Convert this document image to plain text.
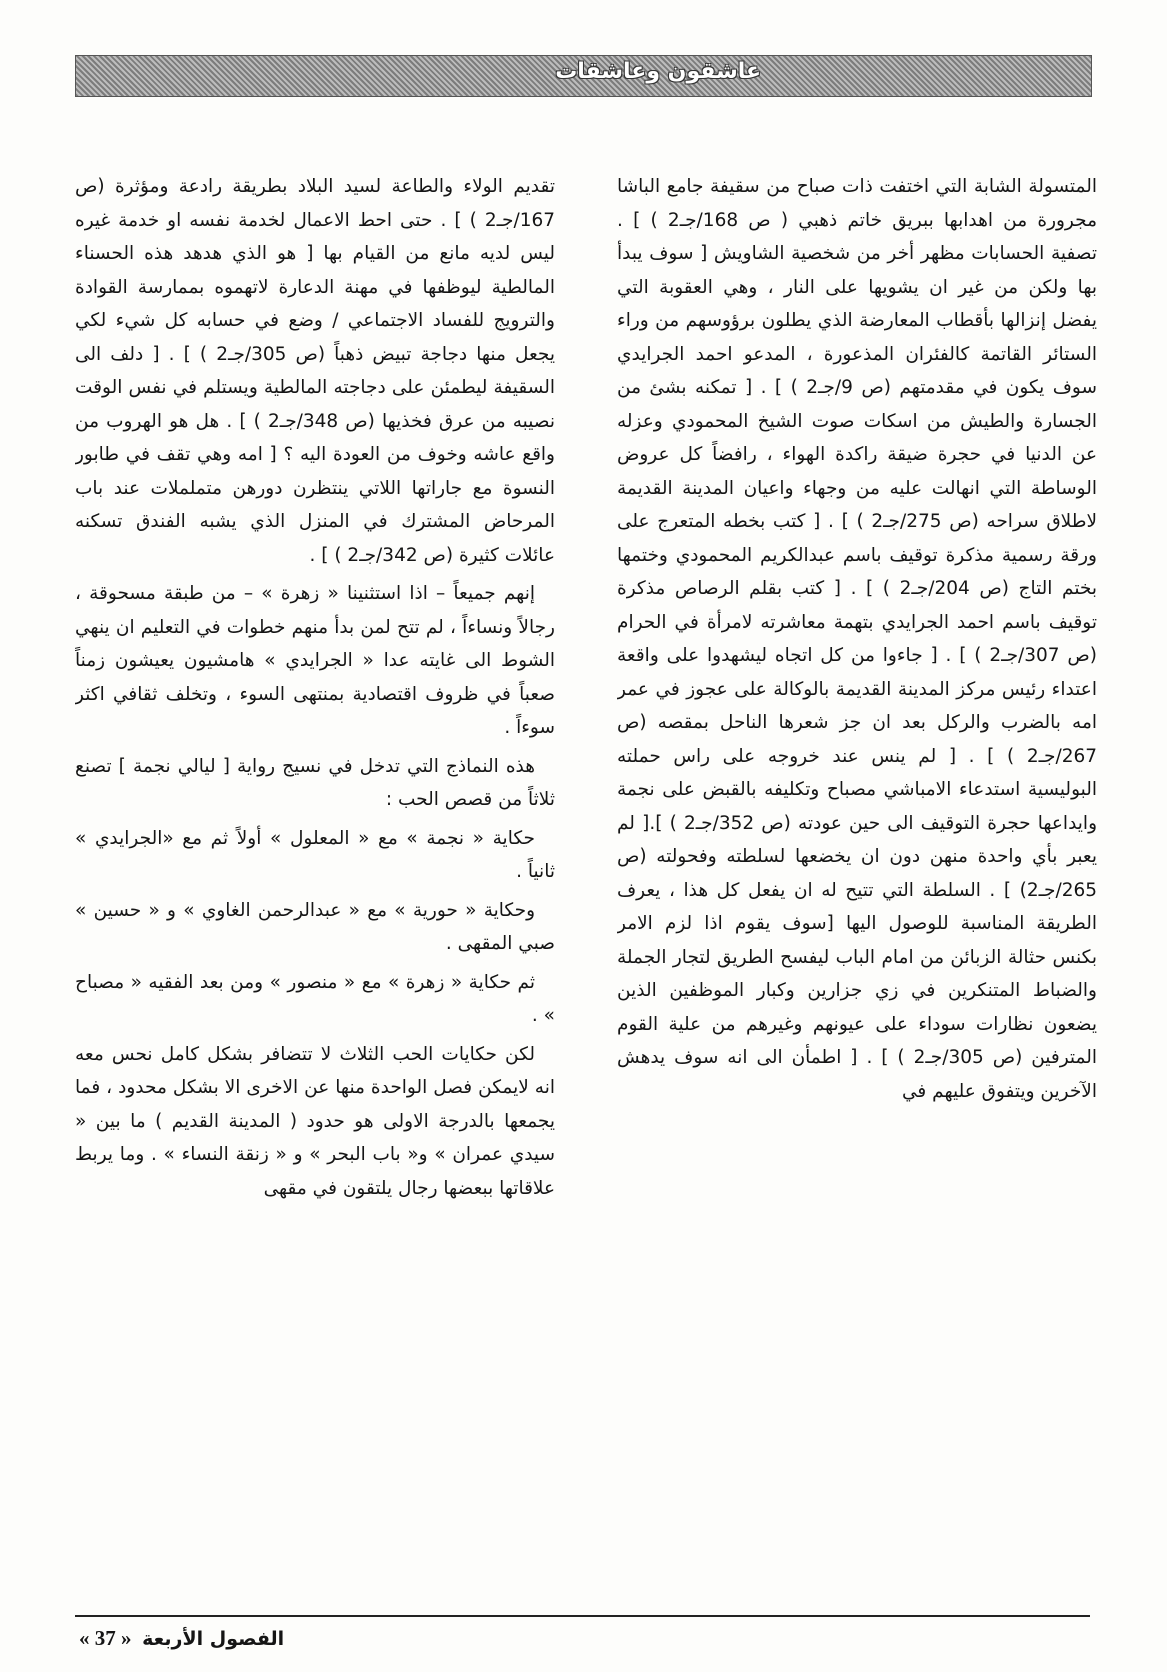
عاشقون وعاشقات

المتسولة الشابة التي اختفت ذات صباح من سقيفة جامع الباشا مجرورة من اهدابها ببريق خاتم ذهبي ( ص 168/جـ2 ) ] . تصفية الحسابات مظهر أخر من شخصية الشاويش [ سوف يبدأ بها ولكن من غير ان يشويها على النار ، وهي العقوبة التي يفضل إنزالها بأقطاب المعارضة الذي يطلون برؤوسهم من وراء الستائر القاتمة كالفئران المذعورة ، المدعو احمد الجرايدي سوف يكون في مقدمتهم (ص 9/جـ2 ) ] . [ تمكنه بشئ من الجسارة والطيش من اسكات صوت الشيخ المحمودي وعزله عن الدنيا في حجرة ضيقة راكدة الهواء ، رافضاً كل عروض الوساطة التي انهالت عليه من وجهاء واعيان المدينة القديمة لاطلاق سراحه (ص 275/جـ2 ) ] . [ كتب بخطه المتعرج على ورقة رسمية مذكرة توقيف باسم عبدالكريم المحمودي وختمها بختم التاج (ص 204/جـ2 ) ] . [ كتب بقلم الرصاص مذكرة توقيف باسم احمد الجرايدي بتهمة معاشرته لامرأة في الحرام (ص 307/جـ2 ) ] . [ جاءوا من كل اتجاه ليشهدوا على واقعة اعتداء رئيس مركز المدينة القديمة بالوكالة على عجوز في عمر امه بالضرب والركل بعد ان جز شعرها الناحل بمقصه (ص 267/جـ2 ) ] . [ لم ينس عند خروجه على راس حملته البوليسية استدعاء الامباشي مصباح وتكليفه بالقبض على نجمة وايداعها حجرة التوقيف الى حين عودته (ص 352/جـ2 ) ].[ لم يعبر بأي واحدة منهن دون ان يخضعها لسلطته وفحولته (ص 265/جـ2) ] . السلطة التي تتيح له ان يفعل كل هذا ، يعرف الطريقة المناسبة للوصول اليها [سوف يقوم اذا لزم الامر بكنس حثالة الزبائن من امام الباب ليفسح الطريق لتجار الجملة والضباط المتنكرين في زي جزارين وكبار الموظفين الذين يضعون نظارات سوداء على عيونهم وغيرهم من علية القوم المترفين (ص 305/جـ2 ) ] . [ اطمأن الى انه سوف يدهش الآخرين ويتفوق عليهم في

تقديم الولاء والطاعة لسيد البلاد بطريقة رادعة ومؤثرة (ص 167/جـ2 ) ] . حتى احط الاعمال لخدمة نفسه او خدمة غيره ليس لديه مانع من القيام بها [ هو الذي هدهد هذه الحسناء المالطية ليوظفها في مهنة الدعارة لاتهموه بممارسة القوادة والترويج للفساد الاجتماعي / وضع في حسابه كل شيء لكي يجعل منها دجاجة تبيض ذهباً (ص 305/جـ2 ) ] . [ دلف الى السقيفة ليطمئن على دجاجته المالطية ويستلم في نفس الوقت نصيبه من عرق فخذيها (ص 348/جـ2 ) ] . هل هو الهروب من واقع عاشه وخوف من العودة اليه ؟ [ امه وهي تقف في طابور النسوة مع جاراتها اللاتي ينتظرن دورهن متململات عند باب المرحاض المشترك في المنزل الذي يشبه الفندق تسكنه عائلات كثيرة (ص 342/جـ2 ) ] .

إنهم جميعاً – اذا استثنينا « زهرة » – من طبقة مسحوقة ، رجالاً ونساءاً ، لم تتح لمن بدأ منهم خطوات في التعليم ان ينهي الشوط الى غايته عدا « الجرايدي » هامشيون يعيشون زمناً صعباً في ظروف اقتصادية بمنتهى السوء ، وتخلف ثقافي اكثر سوءاً .

هذه النماذج التي تدخل في نسيج رواية [ ليالي نجمة ] تصنع ثلاثاً من قصص الحب :

حكاية « نجمة » مع « المعلول » أولاً ثم مع «الجرايدي » ثانياً .

وحكاية « حورية » مع « عبدالرحمن الغاوي » و « حسين » صبي المقهى .

ثم حكاية « زهرة » مع « منصور » ومن بعد الفقيه « مصباح » .

لكن حكايات الحب الثلاث لا تتضافر بشكل كامل نحس معه انه لايمكن فصل الواحدة منها عن الاخرى الا بشكل محدود ، فما يجمعها بالدرجة الاولى هو حدود ( المدينة القديم ) ما بين « سيدي عمران » و« باب البحر » و « زنقة النساء » . وما يربط علاقاتها ببعضها رجال يلتقون في مقهى

الفصول الأربعة « 37 »
